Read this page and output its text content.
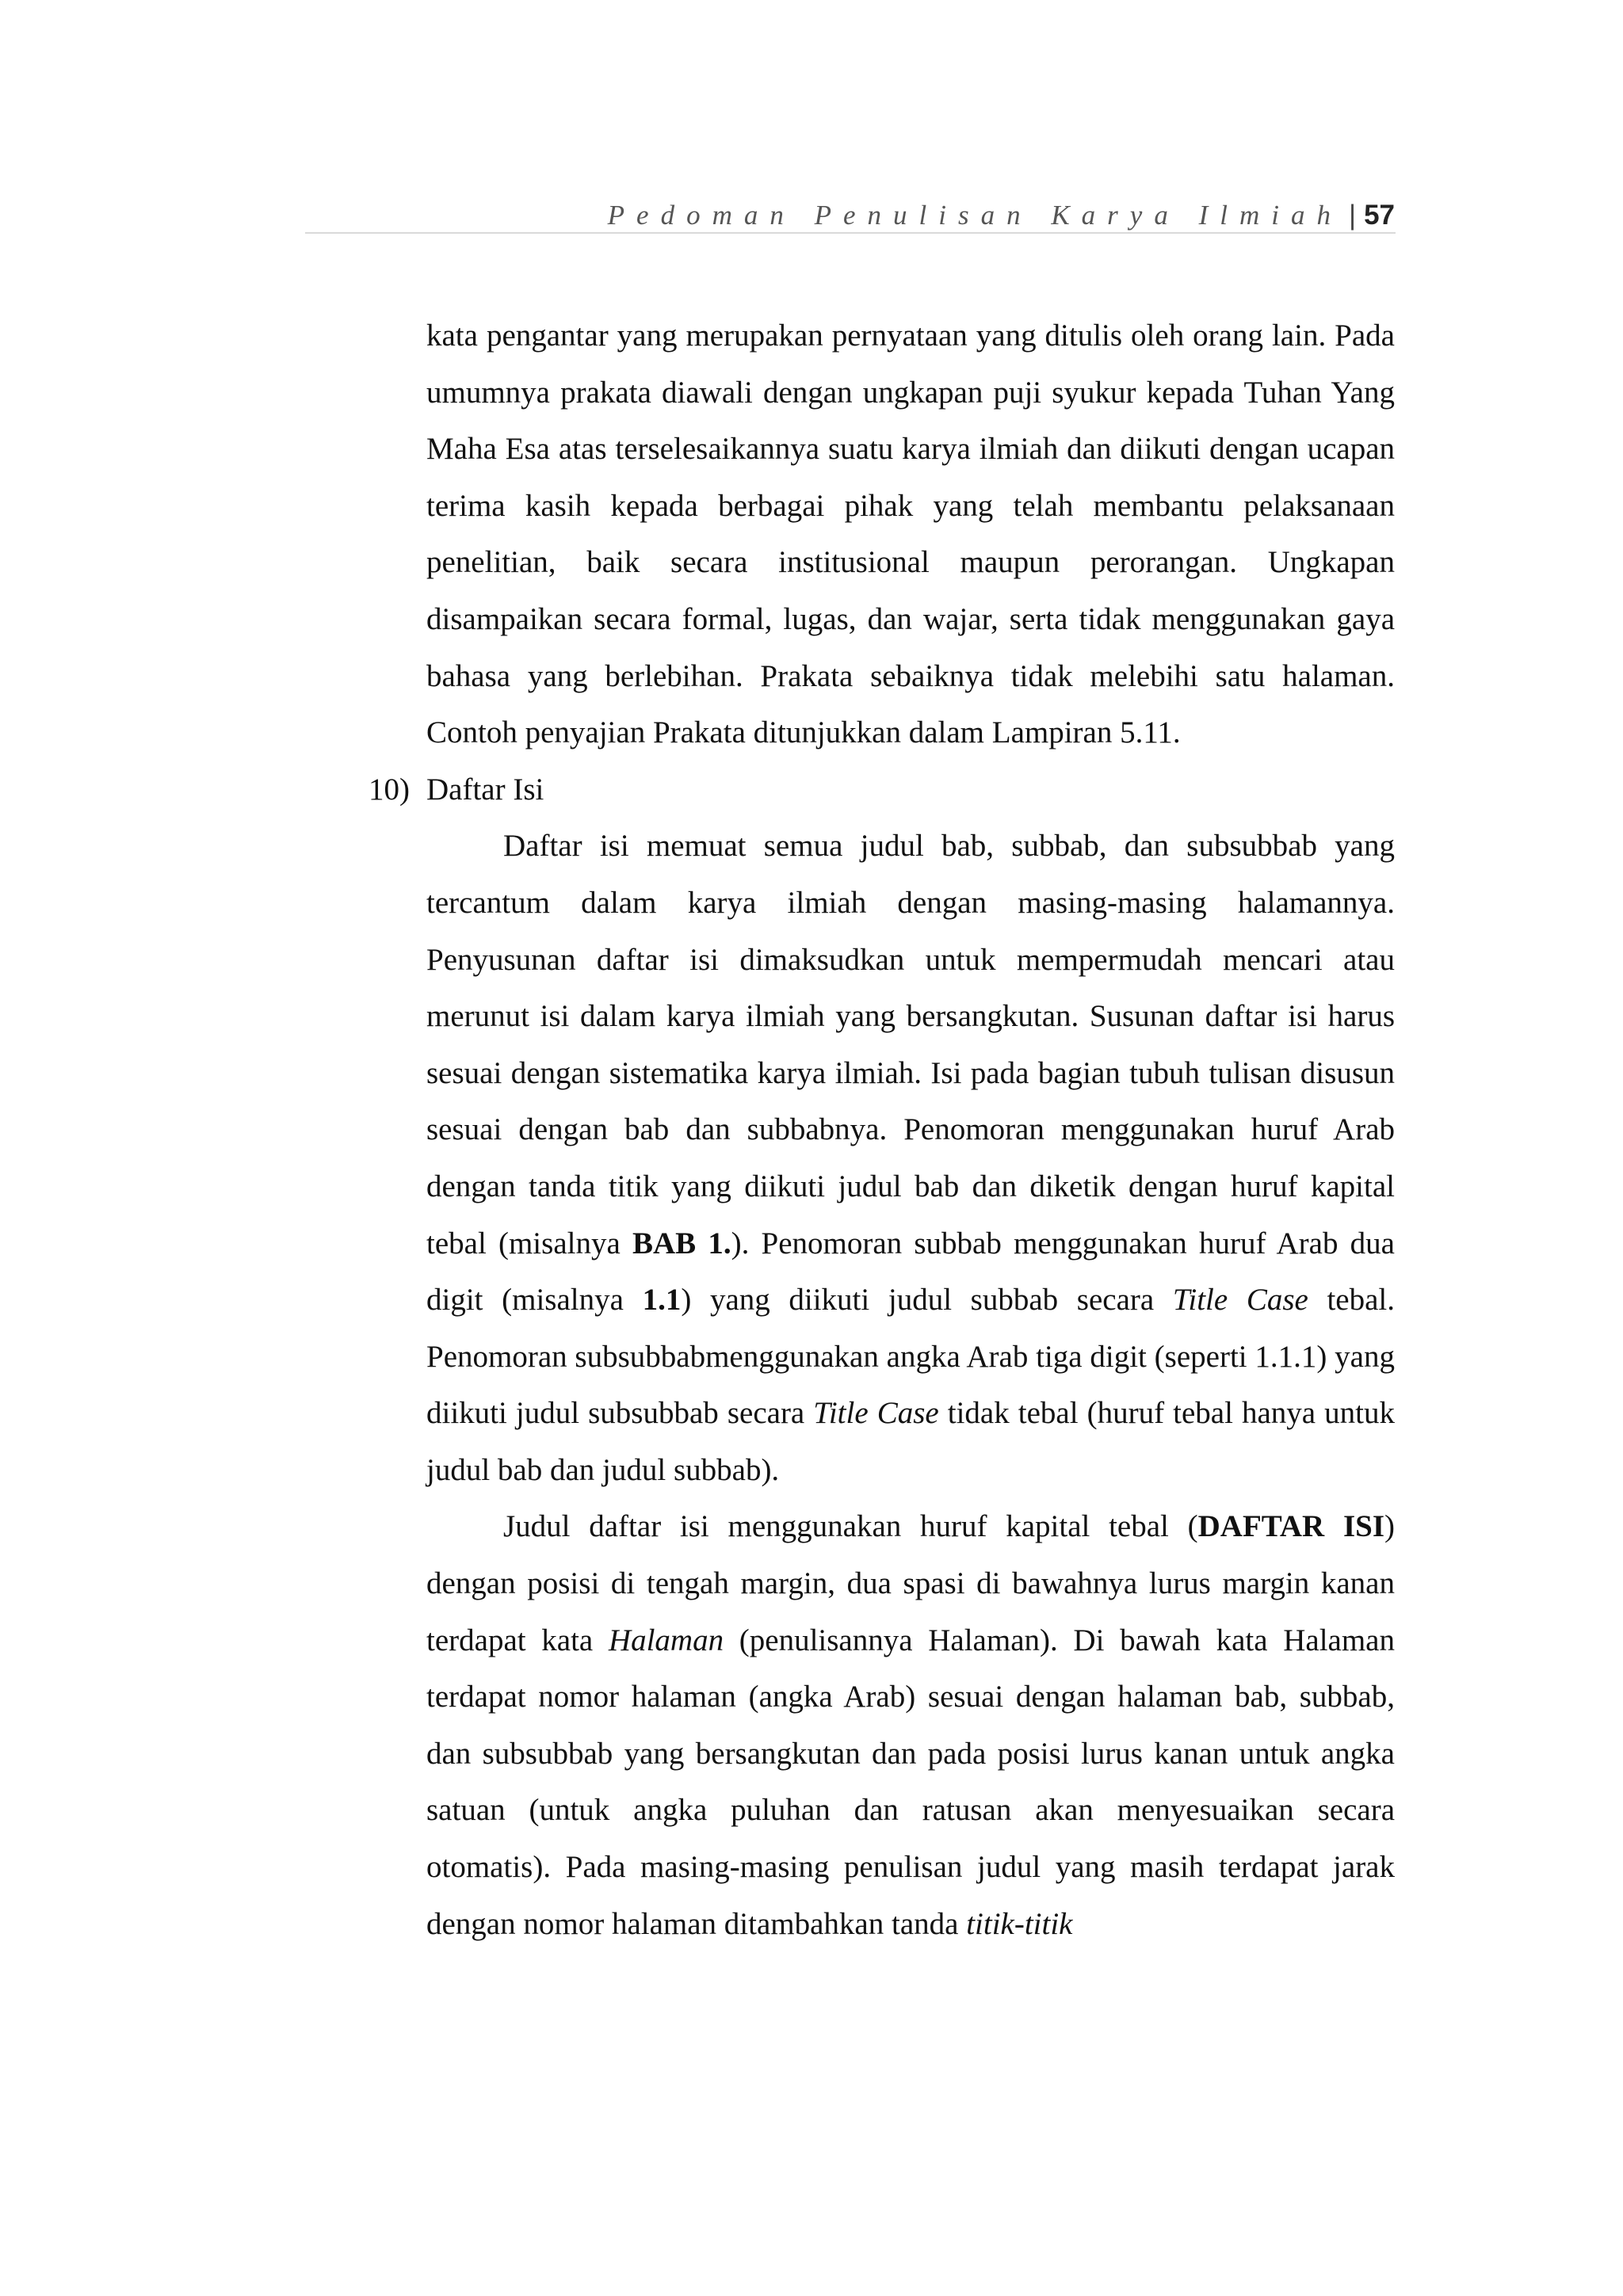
Pedoman Penulisan Karya Ilmiah | 57

kata pengantar yang merupakan pernyataan yang ditulis oleh orang lain. Pada umumnya prakata diawali dengan ungkapan puji syukur kepada Tuhan Yang Maha Esa atas terselesaikannya suatu karya ilmiah dan diikuti dengan ucapan terima kasih kepada berbagai pihak yang telah membantu pelaksanaan penelitian, baik secara institusional maupun perorangan. Ungkapan disampaikan secara formal, lugas, dan wajar, serta tidak menggunakan gaya bahasa yang berlebihan. Prakata sebaiknya tidak melebihi satu halaman. Contoh penyajian Prakata ditunjukkan dalam Lampiran 5.11.

10) Daftar Isi

Daftar isi memuat semua judul bab, subbab, dan subsubbab yang tercantum dalam karya ilmiah dengan masing-masing halamannya. Penyusunan daftar isi dimaksudkan untuk mempermudah mencari atau merunut isi dalam karya ilmiah yang bersangkutan. Susunan daftar isi harus sesuai dengan sistematika karya ilmiah. Isi pada bagian tubuh tulisan disusun sesuai dengan bab dan subbabnya. Penomoran menggunakan huruf Arab dengan tanda titik yang diikuti judul bab dan diketik dengan huruf kapital tebal (misalnya BAB 1.). Penomoran subbab menggunakan huruf Arab dua digit (misalnya 1.1) yang diikuti judul subbab secara Title Case tebal. Penomoran subsubbabmenggunakan angka Arab tiga digit (seperti 1.1.1) yang diikuti judul subsubbab secara Title Case tidak tebal (huruf tebal hanya untuk judul bab dan judul subbab).

Judul daftar isi menggunakan huruf kapital tebal (DAFTAR ISI) dengan posisi di tengah margin, dua spasi di bawahnya lurus margin kanan terdapat kata Halaman (penulisannya Halaman). Di bawah kata Halaman terdapat nomor halaman (angka Arab) sesuai dengan halaman bab, subbab, dan subsubbab yang bersangkutan dan pada posisi lurus kanan untuk angka satuan (untuk angka puluhan dan ratusan akan menyesuaikan secara otomatis). Pada masing-masing penulisan judul yang masih terdapat jarak dengan nomor halaman ditambahkan tanda titik-titik
